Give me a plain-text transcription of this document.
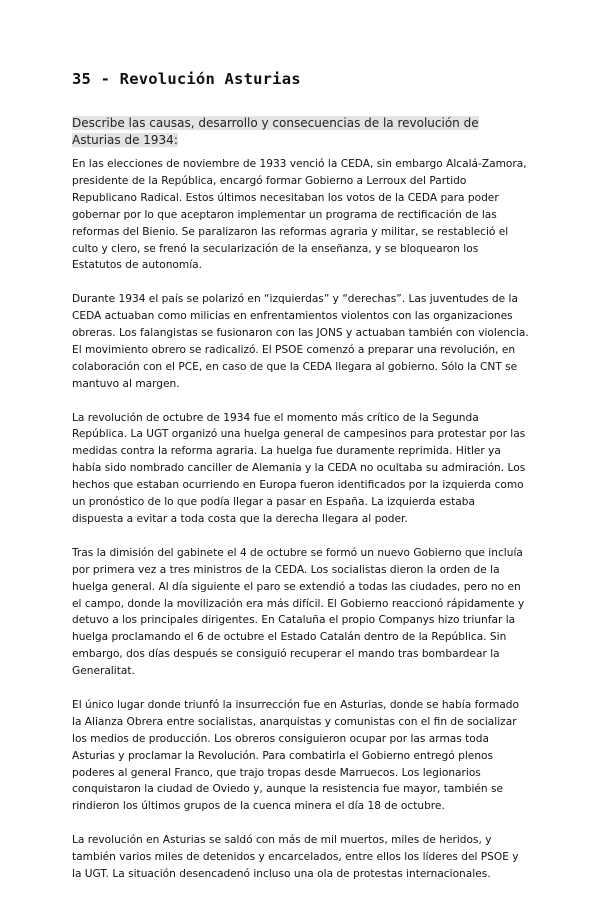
35 - Revolución Asturias
Describe las causas, desarrollo y consecuencias de la revolución de Asturias de 1934:

En las elecciones de noviembre de 1933 venció la CEDA, sin embargo Alcalá-Zamora, presidente de la República, encargó formar Gobierno a Lerroux del Partido Republicano Radical. Estos últimos necesitaban los votos de la CEDA para poder gobernar por lo que aceptaron implementar un programa de rectificación de las reformas del Bienio. Se paralizaron las reformas agraria y militar, se restableció el culto y clero, se frenó la secularización de la enseñanza, y se bloquearon los Estatutos de autonomía.

Durante 1934 el país se polarizó en “izquierdas” y “derechas”. Las juventudes de la CEDA actuaban como milicias en enfrentamientos violentos con las organizaciones obreras. Los falangistas se fusionaron con las JONS y actuaban también con violencia. El movimiento obrero se radicalizó. El PSOE comenzó a preparar una revolución, en colaboración con el PCE, en caso de que la CEDA llegara al gobierno. Sólo la CNT se mantuvo al margen.

La revolución de octubre de 1934 fue el momento más crítico de la Segunda República. La UGT organizó una huelga general de campesinos para protestar por las medidas contra la reforma agraria. La huelga fue duramente reprimida. Hitler ya había sido nombrado canciller de Alemania y la CEDA no ocultaba su admiración. Los hechos que estaban ocurriendo en Europa fueron identificados por la izquierda como un pronóstico de lo que podía llegar a pasar en España. La izquierda estaba dispuesta a evitar a toda costa que la derecha llegara al poder.

Tras la dimisión del gabinete el 4 de octubre se formó un nuevo Gobierno que incluía por primera vez a tres ministros de la CEDA. Los socialistas dieron la orden de la huelga general. Al día siguiente el paro se extendió a todas las ciudades, pero no en el campo, donde la movilización era más difícil. El Gobierno reaccionó rápidamente y detuvo a los principales dirigentes. En Cataluña el propio Companys hizo triunfar la huelga proclamando el 6 de octubre el Estado Catalán dentro de la República. Sin embargo, dos días después se consiguió recuperar el mando tras bombardear la Generalitat.

El único lugar donde triunfó la insurrección fue en Asturias, donde se había formado la Alianza Obrera entre socialistas, anarquistas y comunistas con el fin de socializar los medios de producción. Los obreros consiguieron ocupar por las armas toda Asturias y proclamar la Revolución. Para combatirla el Gobierno entregó plenos poderes al general Franco, que trajo tropas desde Marruecos. Los legionarios conquistaron la ciudad de Oviedo y, aunque la resistencia fue mayor, también se rindieron los últimos grupos de la cuenca minera el día 18 de octubre.

La revolución en Asturias se saldó con más de mil muertos, miles de heridos, y también varios miles de detenidos y encarcelados, entre ellos los líderes del PSOE y la UGT. La situación desencadenó incluso una ola de protestas internacionales.
